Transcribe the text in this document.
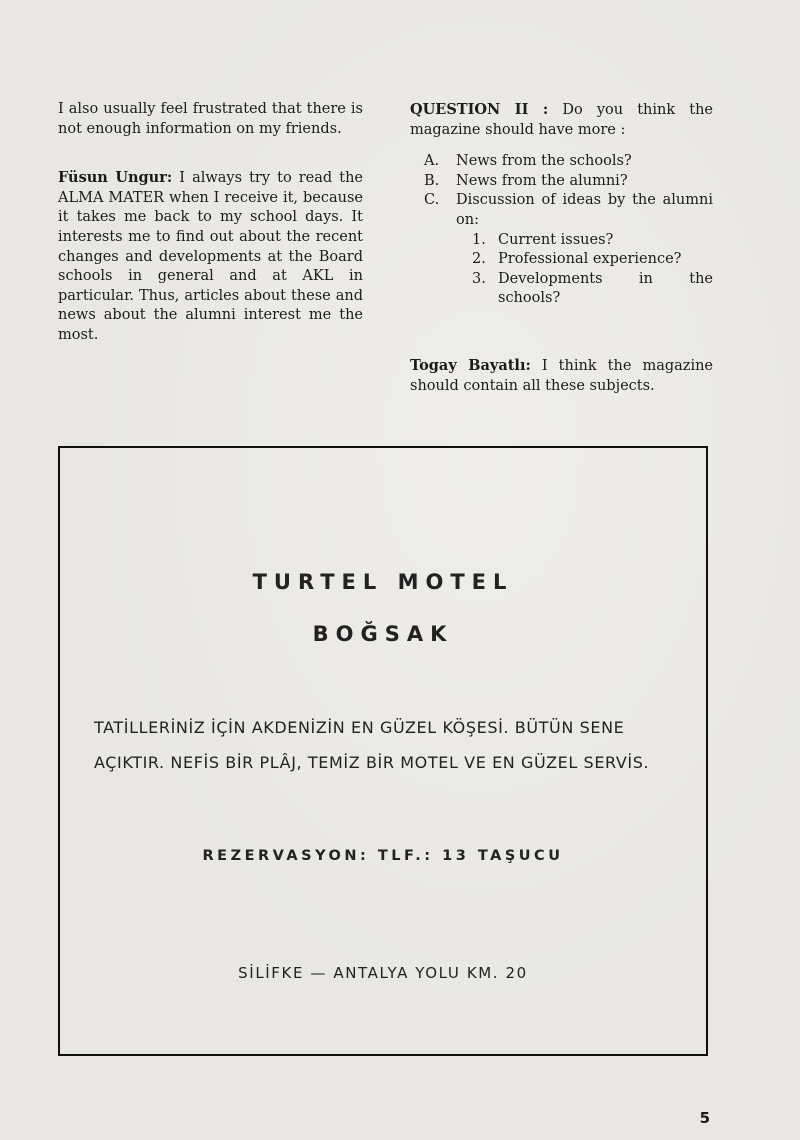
I also usually feel frustrated that there is not enough information on my friends.

Füsun Ungur: I always try to read the ALMA MATER when I receive it, because it takes me back to my school days. It interests me to find out about the recent changes and developments at the Board schools in general and at AKL in particular. Thus, articles about these and news about the alumni interest me the most.

QUESTION II : Do you think the magazine should have more :

A.	News from the schools?
B.	News from the alumni?
C.	Discussion of ideas by the alumni on:
1. Current issues?
2. Professional experience?
3. Developments in the schools?

Togay Bayatlı: I think the magazine should contain all these subjects.

TURTEL MOTEL
BOĞSAK
TATİLLERİNİZ İÇİN AKDENİZİN EN GÜZEL KÖŞESİ. BÜTÜN SENE
AÇIKTIR. NEFİS BİR PLÂJ, TEMİZ BİR MOTEL VE EN GÜZEL SERVİS.
REZERVASYON: TLF.: 13 TAŞUCU
SİLİFKE — ANTALYA YOLU KM. 20
5
